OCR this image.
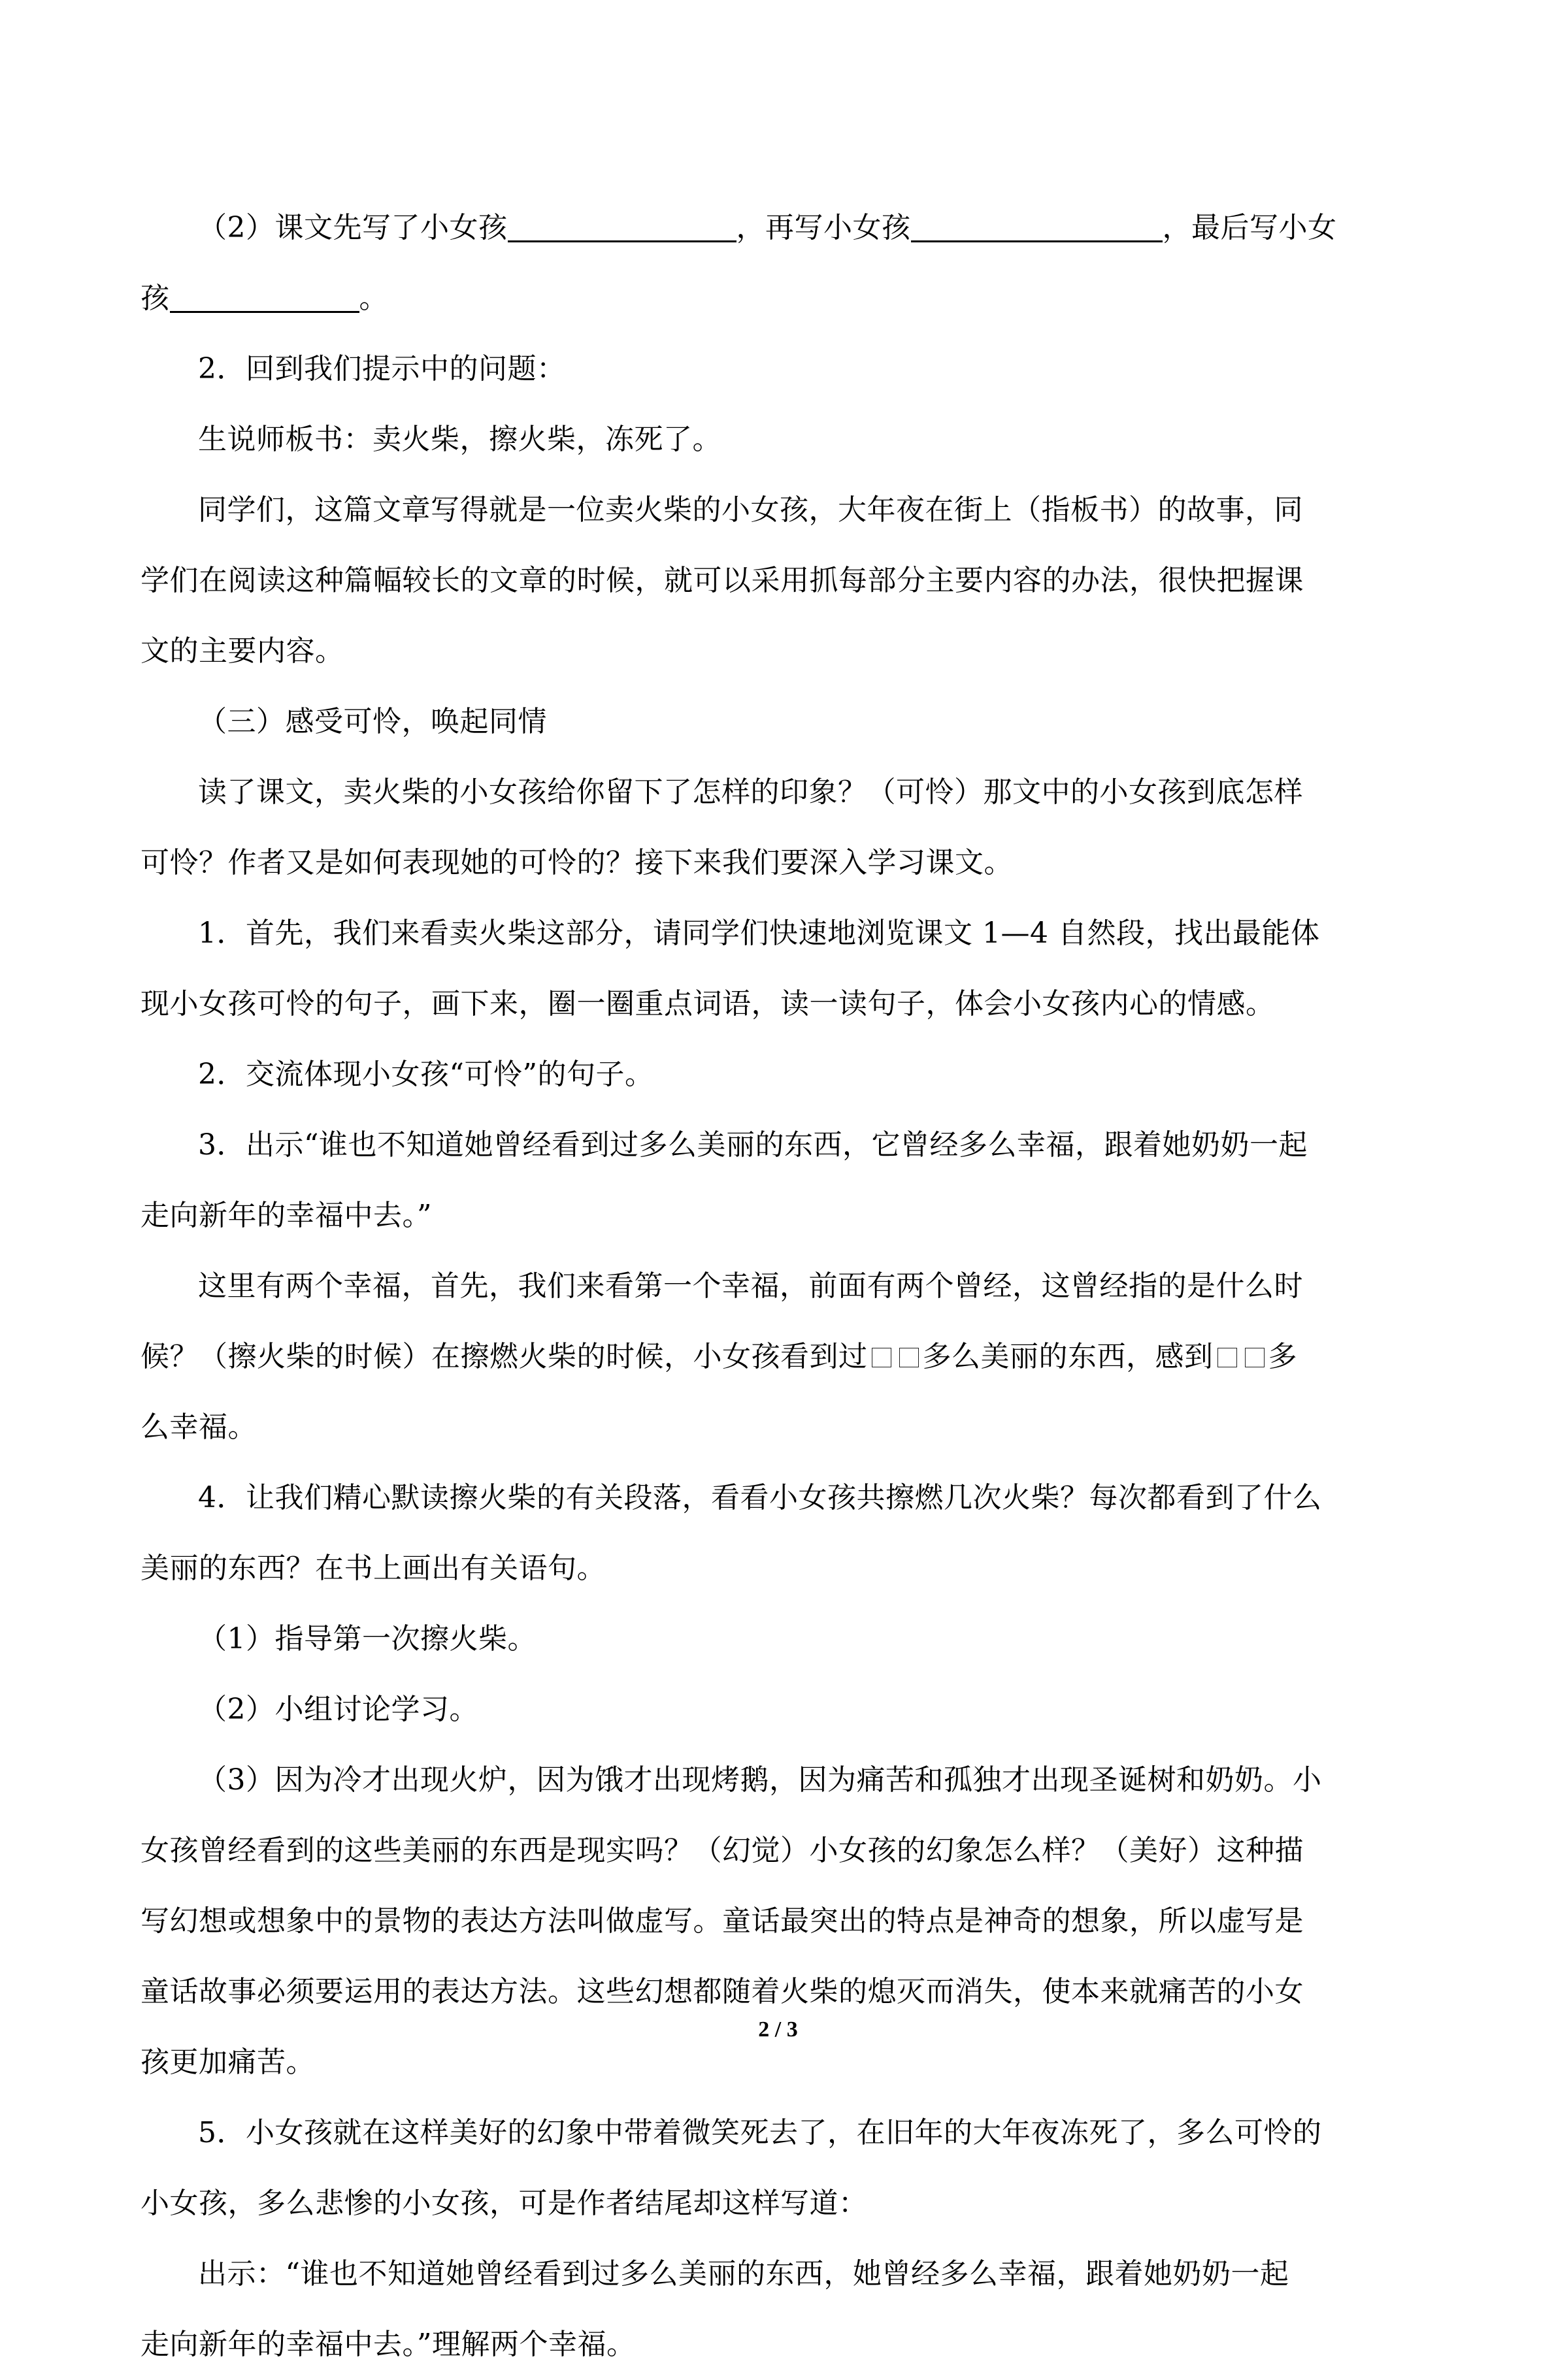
（2）课文先写了小女孩	，再写小女孩	，最后写小女
孩	。
2．回到我们提示中的问题：
生说师板书：卖火柴，擦火柴，冻死了。
同学们，这篇文章写得就是一位卖火柴的小女孩，大年夜在街上（指板书）的故事，同
学们在阅读这种篇幅较长的文章的时候，就可以采用抓每部分主要内容的办法，很快把握课
文的主要内容。
（三）感受可怜，唤起同情
读了课文，卖火柴的小女孩给你留下了怎样的印象？（可怜）那文中的小女孩到底怎样
可怜？作者又是如何表现她的可怜的？接下来我们要深入学习课文。
1．首先，我们来看卖火柴这部分，请同学们快速地浏览课文 1—4 自然段，找出最能体
现小女孩可怜的句子，画下来，圈一圈重点词语，读一读句子，体会小女孩内心的情感。
2．交流体现小女孩“可怜”的句子。
3．出示“谁也不知道她曾经看到过多么美丽的东西，它曾经多么幸福，跟着她奶奶一起
走向新年的幸福中去。”
这里有两个幸福，首先，我们来看第一个幸福，前面有两个曾经，这曾经指的是什么时
候？（擦火柴的时候）在擦燃火柴的时候，小女孩看到过 多么美丽的东西，感到 多
么幸福。
4．让我们精心默读擦火柴的有关段落，看看小女孩共擦燃几次火柴？每次都看到了什么
美丽的东西？在书上画出有关语句。
（1）指导第一次擦火柴。
（2）小组讨论学习。
（3）因为冷才出现火炉，因为饿才出现烤鹅，因为痛苦和孤独才出现圣诞树和奶奶。小
女孩曾经看到的这些美丽的东西是现实吗？（幻觉）小女孩的幻象怎么样？（美好）这种描
写幻想或想象中的景物的表达方法叫做虚写。童话最突出的特点是神奇的想象，所以虚写是
童话故事必须要运用的表达方法。这些幻想都随着火柴的熄灭而消失，使本来就痛苦的小女
孩更加痛苦。
5．小女孩就在这样美好的幻象中带着微笑死去了，在旧年的大年夜冻死了，多么可怜的
小女孩，多么悲惨的小女孩，可是作者结尾却这样写道：
出示：“谁也不知道她曾经看到过多么美丽的东西，她曾经多么幸福，跟着她奶奶一起
走向新年的幸福中去。”理解两个幸福。
2 / 3
